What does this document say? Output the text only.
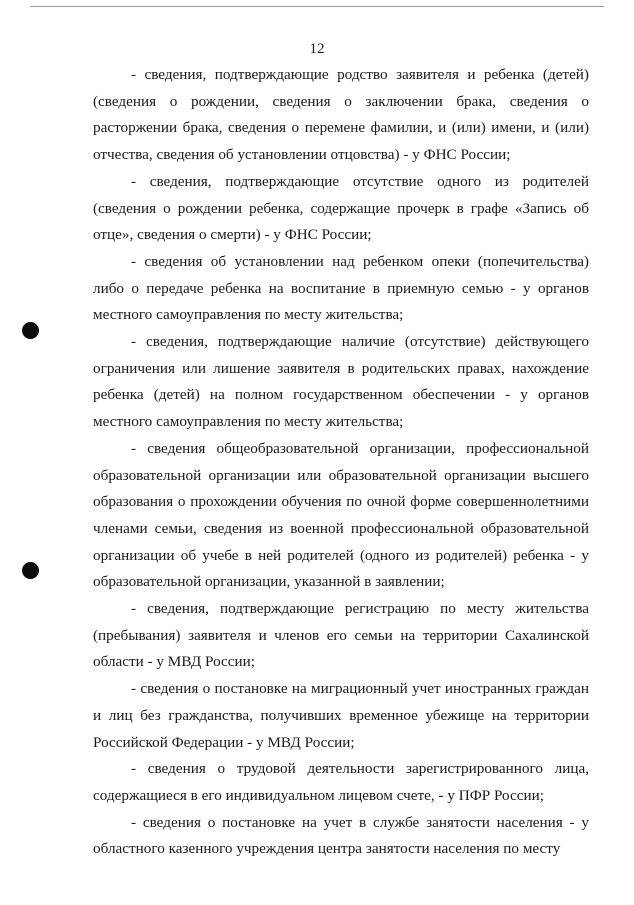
12

- сведения, подтверждающие родство заявителя и ребенка (детей) (сведения о рождении, сведения о заключении брака, сведения о расторжении брака, сведения о перемене фамилии, и (или) имени, и (или) отчества, сведения об установлении отцовства) - у ФНС России;

- сведения, подтверждающие отсутствие одного из родителей (сведения о рождении ребенка, содержащие прочерк в графе «Запись об отце», сведения о смерти) - у ФНС России;

- сведения об установлении над ребенком опеки (попечительства) либо о передаче ребенка на воспитание в приемную семью - у органов местного самоуправления по месту жительства;

- сведения, подтверждающие наличие (отсутствие) действующего ограничения или лишение заявителя в родительских правах, нахождение ребенка (детей) на полном государственном обеспечении - у органов местного самоуправления по месту жительства;

- сведения общеобразовательной организации, профессиональной образовательной организации или образовательной организации высшего образования о прохождении обучения по очной форме совершеннолетними членами семьи, сведения из военной профессиональной образовательной организации об учебе в ней родителей (одного из родителей) ребенка - у образовательной организации, указанной в заявлении;

- сведения, подтверждающие регистрацию по месту жительства (пребывания) заявителя и членов его семьи на территории Сахалинской области - у МВД России;

- сведения о постановке на миграционный учет иностранных граждан и лиц без гражданства, получивших временное убежище на территории Российской Федерации - у МВД России;

- сведения о трудовой деятельности зарегистрированного лица, содержащиеся в его индивидуальном лицевом счете, - у ПФР России;

- сведения о постановке на учет в службе занятости населения - у областного казенного учреждения центра занятости населения по месту
